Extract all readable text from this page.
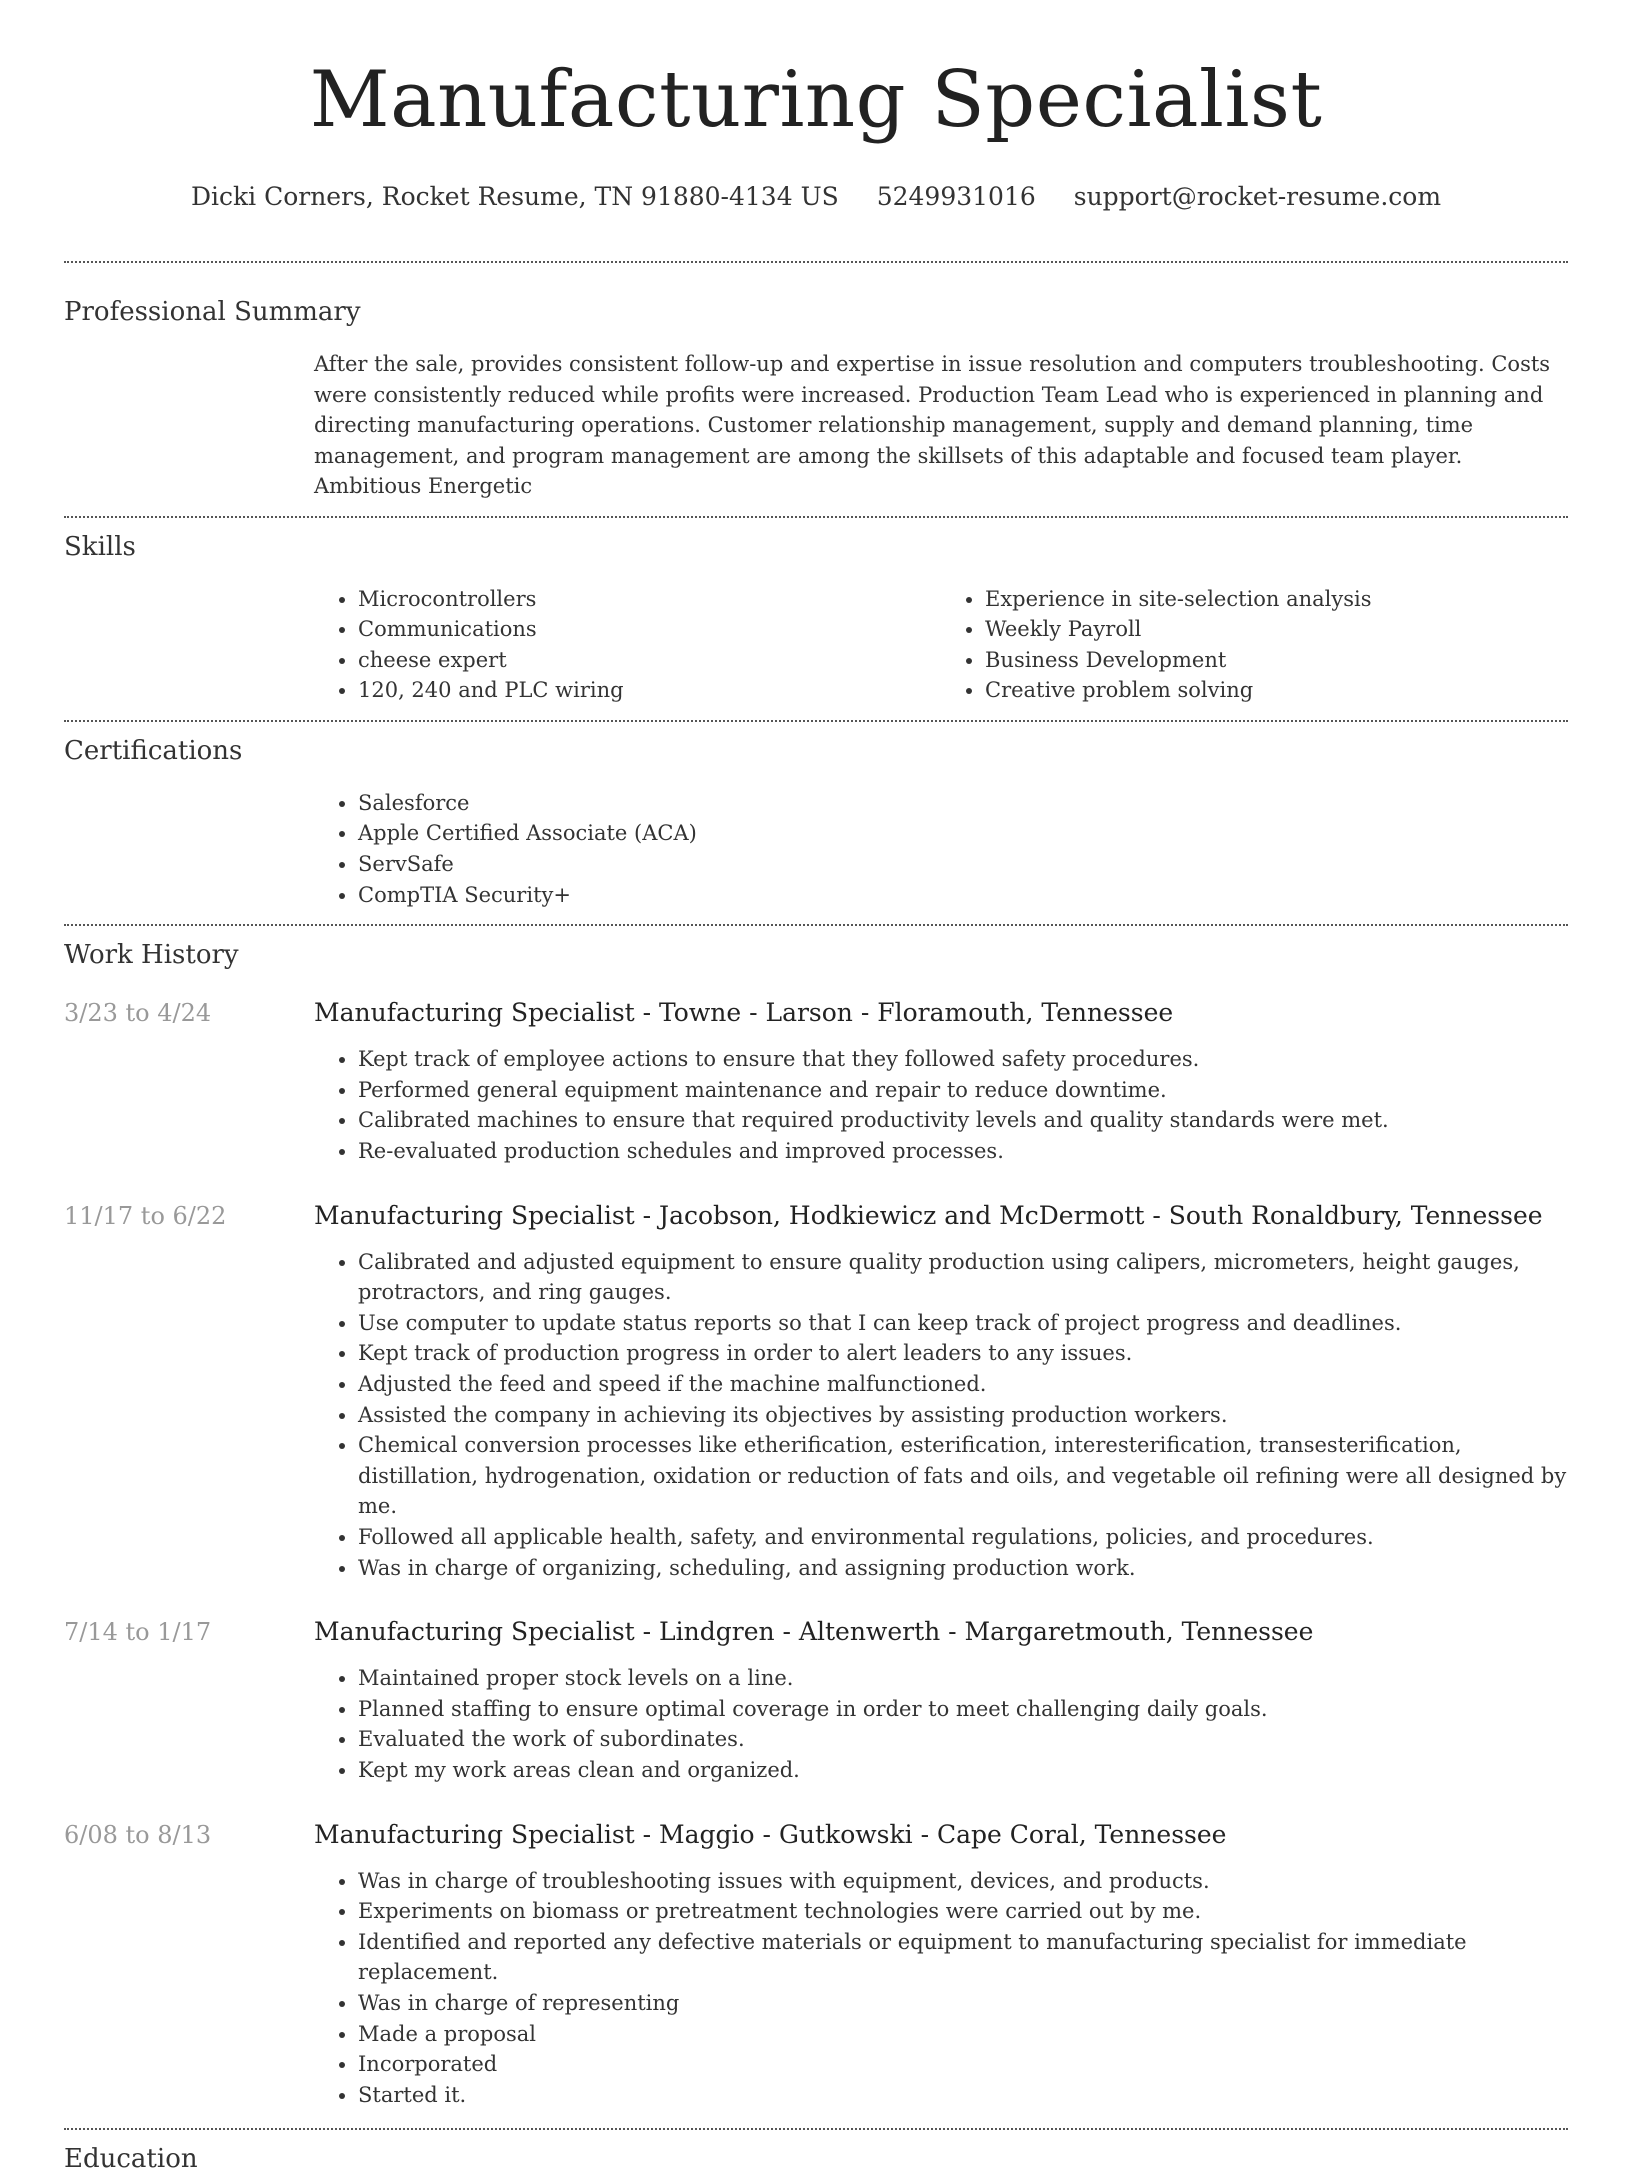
Manufacturing Specialist
Dicki Corners, Rocket Resume, TN 91880-4134 US 5249931016 support@rocket-resume.com
Professional Summary

After the sale, provides consistent follow-up and expertise in issue resolution and computers troubleshooting. Costs were consistently reduced while profits were increased. Production Team Lead who is experienced in planning and directing manufacturing operations. Customer relationship management, supply and demand planning, time management, and program management are among the skillsets of this adaptable and focused team player. Ambitious Energetic

Skills
• Microcontrollers
• Communications
• cheese expert
• 120, 240 and PLC wiring
• Experience in site-selection analysis
• Weekly Payroll
• Business Development
• Creative problem solving
Certifications
• Salesforce
• Apple Certified Associate (ACA)
• ServSafe
• CompTIA Security+
Work History
3/23 to 4/24	Manufacturing Specialist - Towne - Larson - Floramouth, Tennessee
• Kept track of employee actions to ensure that they followed safety procedures.
• Performed general equipment maintenance and repair to reduce downtime.
• Calibrated machines to ensure that required productivity levels and quality standards were met.
• Re-evaluated production schedules and improved processes.
11/17 to 6/22	Manufacturing Specialist - Jacobson, Hodkiewicz and McDermott - South Ronaldbury, Tennessee
• Calibrated and adjusted equipment to ensure quality production using calipers, micrometers, height gauges, protractors, and ring gauges.
• Use computer to update status reports so that I can keep track of project progress and deadlines.
• Kept track of production progress in order to alert leaders to any issues.
• Adjusted the feed and speed if the machine malfunctioned.
• Assisted the company in achieving its objectives by assisting production workers.
• Chemical conversion processes like etherification, esterification, interesterification, transesterification, distillation, hydrogenation, oxidation or reduction of fats and oils, and vegetable oil refining were all designed by me.
• Followed all applicable health, safety, and environmental regulations, policies, and procedures.
• Was in charge of organizing, scheduling, and assigning production work.
7/14 to 1/17	Manufacturing Specialist - Lindgren - Altenwerth - Margaretmouth, Tennessee
• Maintained proper stock levels on a line.
• Planned staffing to ensure optimal coverage in order to meet challenging daily goals.
• Evaluated the work of subordinates.
• Kept my work areas clean and organized.
6/08 to 8/13	Manufacturing Specialist - Maggio - Gutkowski - Cape Coral, Tennessee
• Was in charge of troubleshooting issues with equipment, devices, and products.
• Experiments on biomass or pretreatment technologies were carried out by me.
• Identified and reported any defective materials or equipment to manufacturing specialist for immediate replacement.
• Was in charge of representing
• Made a proposal
• Incorporated
• Started it.
Education
